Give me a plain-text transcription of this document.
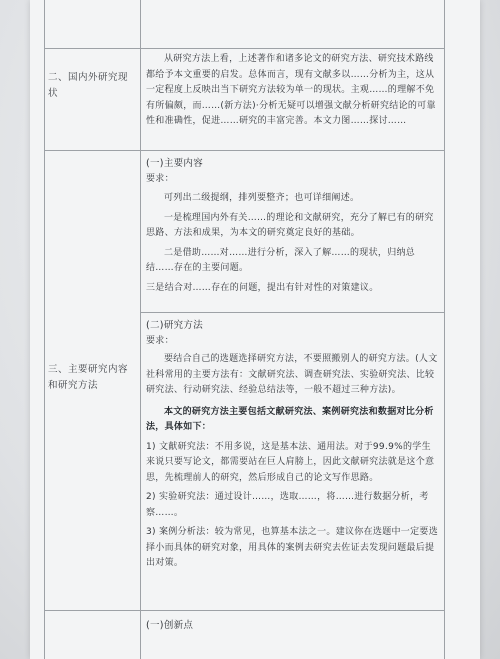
二、国内外研究现状

从研究方法上看，上述著作和诸多论文的研究方法、研究技术路线都给予本文重要的启发。总体而言，现有文献多以……分析为主，这从一定程度上反映出当下研究方法较为单一的现状。主观……的理解不免有所偏颇，而……(新方法)·分析无疑可以增强文献分析研究结论的可靠性和准确性，促进……研究的丰富完善。本文力图……探讨……

三、主要研究内容和研究方法

(一)主要内容

要求：

可列出二级提纲，排列要整齐；也可详细阐述。

一是梳理国内外有关……的理论和文献研究，充分了解已有的研究思路、方法和成果，为本文的研究奠定良好的基础。

二是借助……对……进行分析，深入了解……的现状，归纳总结……存在的主要问题。

三是结合对……存在的问题，提出有针对性的对策建议。

(二)研究方法

要求：

要结合自己的选题选择研究方法，不要照搬别人的研究方法。(人文社科常用的主要方法有：文献研究法、调查研究法、实验研究法、比较研究法、行动研究法、经验总结法等，一般不超过三种方法)。

本文的研究方法主要包括文献研究法、案例研究法和数据对比分析法，具体如下：

1) 文献研究法：不用多说，这是基本法、通用法。对于99.9%的学生来说只要写论文，都需要站在巨人肩膀上，因此文献研究法就是这个意思，先梳理前人的研究，然后形成自己的论文写作思路。

2) 实验研究法：通过设计……，选取……，将……进行数据分析，考察……。

3) 案例分析法：较为常见，也算基本法之一。建议你在选题中一定要选择小而具体的研究对象，用具体的案例去研究去佐证去发现问题最后提出对策。

(一)创新点
